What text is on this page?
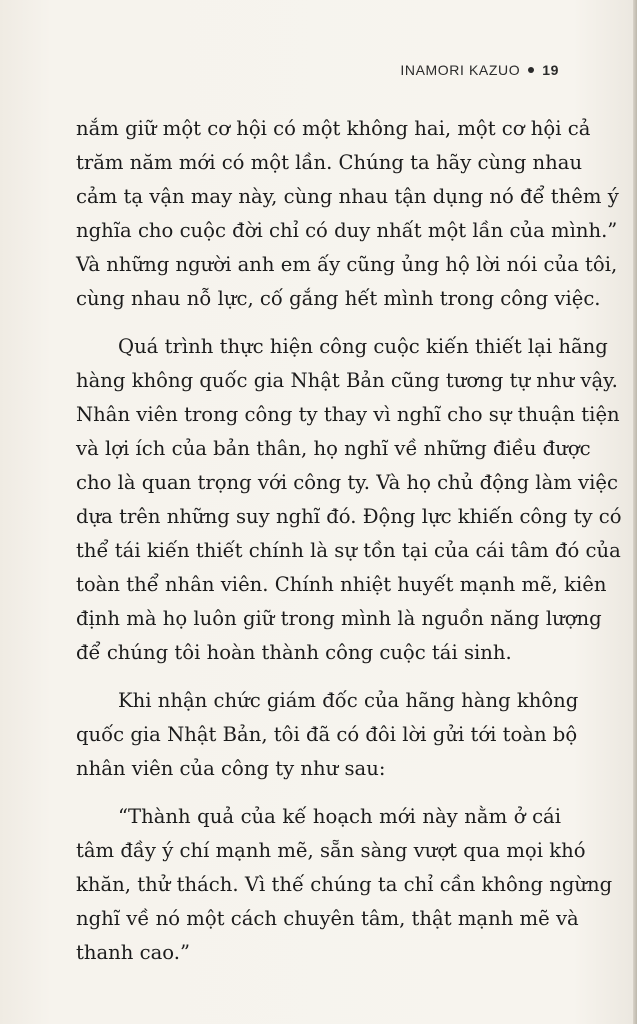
INAMORI KAZUO 19

nắm giữ một cơ hội có một không hai, một cơ hội cả
trăm năm mới có một lần. Chúng ta hãy cùng nhau
cảm tạ vận may này, cùng nhau tận dụng nó để thêm ý
nghĩa cho cuộc đời chỉ có duy nhất một lần của mình.”
Và những người anh em ấy cũng ủng hộ lời nói của tôi,
cùng nhau nỗ lực, cố gắng hết mình trong công việc.

Quá trình thực hiện công cuộc kiến thiết lại hãng
hàng không quốc gia Nhật Bản cũng tương tự như vậy.
Nhân viên trong công ty thay vì nghĩ cho sự thuận tiện
và lợi ích của bản thân, họ nghĩ về những điều được
cho là quan trọng với công ty. Và họ chủ động làm việc
dựa trên những suy nghĩ đó. Động lực khiến công ty có
thể tái kiến thiết chính là sự tồn tại của cái tâm đó của
toàn thể nhân viên. Chính nhiệt huyết mạnh mẽ, kiên
định mà họ luôn giữ trong mình là nguồn năng lượng
để chúng tôi hoàn thành công cuộc tái sinh.

Khi nhận chức giám đốc của hãng hàng không
quốc gia Nhật Bản, tôi đã có đôi lời gửi tới toàn bộ
nhân viên của công ty như sau:

“Thành quả của kế hoạch mới này nằm ở cái
tâm đầy ý chí mạnh mẽ, sẵn sàng vượt qua mọi khó
khăn, thử thách. Vì thế chúng ta chỉ cần không ngừng
nghĩ về nó một cách chuyên tâm, thật mạnh mẽ và
thanh cao.”
